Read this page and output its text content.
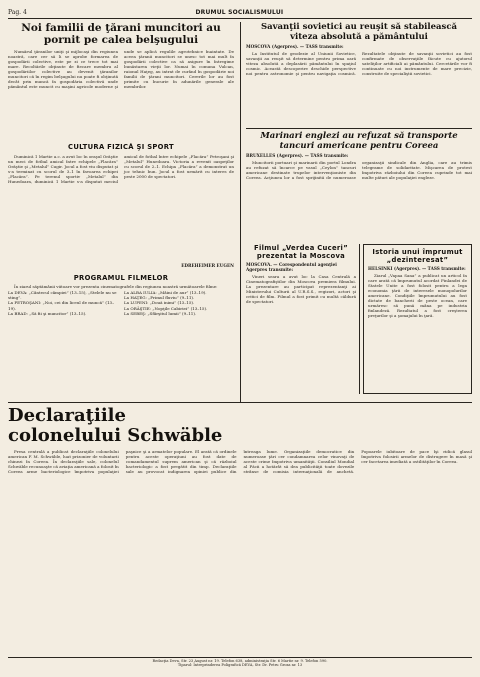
Pag. 4	DRUMUL SOCIALISMULUI
Noi familii de ţărani muncitori au pornit pe calea belşugului
Numărul ţăranilor uniţi şi mijlocaşi din regiunea noastră, care cer să li se aprobe formarea de gospodării colective, este pe zi ce trece tot mai mare. Recoltările obţinute de fiecare membru al gospodăriilor colective au devenit ţăranilor muncitori că în regim belşugului nu poate fi obţinută decât prin muncă în gospodăria colectivă unde pământul este muncit cu maşini agricole moderne şi unde se aplică regulile agrotehnice înaintate. De aceea ţăranii muncitori se unesc tot mai mult în gospodării colective ca să asigure în întregime bunăstarea vieţii lor. Numai în comuna Vulcan, raionul Haţeg, au intrat de curând în gospodărie noi familii de ţărani muncitori. Cererile lor au fost primite cu bucurie în adunările generale ale membrilor.
CULTURA FIZICĂ ŞI SPORT
Duminică 1 Martie a.c. a avut loc în oraşul Orăştie un meci de fotbal amical între echipele „Flacăra” Orăştie şi „Metalul” Cugir. Jocul a fost viu disputat şi s-a terminat cu scorul de 3–1 în favoarea echipei „Flacăra”. Pe terenul sportiv „Metalul” din Hunedoara, duminică 1 Martie s-a disputat meciul amical de fotbal între echipele „Flacăra” Petroşani şi „Metalul” Hunedoara. Victoria a revenit oaspeţilor cu scorul de 2–1. Echipa „Flacăra” a demonstrat un joc tehnic bun. Jocul a fost urmărit cu interes de peste 2000 de spectatori.
EDREHEIMER EUGEN
PROGRAMUL FILMELOR
În ziarul săptămânii viitoare vor prezenta cinematografele din regiunea noastră următoarele filme:

La DEVA: „Cântecul câmpiei” (13–15), „Stelele nu se sting”.

La PETROŞANI: „Noi, cei din liceul de muncă” (13–19).

La BRAD: „Să fii şi muncitor” (13–15).

La ALBA IULIA: „Mâini de aur” (13–19).

La HAŢEG: „Primul fluviu” (9–11).

La LUPENI: „Două inimi” (13–15).

La ORĂŞTIE: „Nopţile Cabiriei” (13–15).

La SEBEŞ: „Sfârşitul lumii” (9–11).

Savanţii sovietici au reuşit să stabilească viteza absolută a pământului
MOSCOVA (Agerpres). — TASS transmite:
La Institutul de geodezie al Uniunii Sovietice, savanţii au reuşit să determine pentru prima oară viteza absolută a deplasării pământului în spaţiul cosmic. Această descoperire deschide perspective noi pentru astronomie şi pentru navigaţia cosmică. Rezultatele obţinute de savanţii sovietici au fost confirmate de observaţiile făcute cu ajutorul sateliţilor artificiali ai pământului. Cercetările vor fi continuate cu noi instrumente de mare precizie, construite de specialiştii sovietici.
Marinari englezi au refuzat să transporte tancuri americane pentru Coreea
BRUXELLES (Agerpres). — TASS transmite:
Muncitorii portuari şi marinarii din portul Londra au refuzat să încarce pe vasul „Ceylon” tancuri americane destinate trupelor intervenţioniste din Coreea. Acţiunea lor a fost sprijinită de numeroase organizaţii sindicale din Anglia, care au trimis telegrame de solidaritate. Mişcarea de protest împotriva războiului din Coreea cuprinde tot mai multe pături ale populaţiei engleze.
Filmul „Verdea Cuceri” prezentat la Moscova
MOSCOVA. — Corespondentul agenţiei Agerpres transmite:
Vineri seara a avut loc la Casa Centrală a Cinematografiştilor din Moscova premiera filmului. La prezentare au participat reprezentanţi ai Ministerului Culturii al U.R.S.S., regizori, actori şi critici de film. Filmul a fost primit cu multă căldură de spectatori.
Istoria unui împrumut „dezinteresat”
HELSINKI (Agerpres). — TASS transmite:
Ziarul „Vapaa Sana” a publicat un articol în care arată că împrumutul acordat Finlandei de Statele Unite a fost folosit pentru a lega economia ţării de interesele monopolurilor americane. Condiţiile împrumutului au fost dictate de bancherii de peste ocean, care urmăresc să pună mâna pe industria finlandeză. Rezultatul a fost creşterea preţurilor şi a şomajului în ţară.
Declaraţiile colonelului Schwäble
Presa centrală a publicat declaraţiile colonelului american F. M. Schwäble, luat prizonier de voluntarii chinezi în Coreea. În declaraţiile sale, colonelul Schwäble recunoaşte că aviaţia americană a folosit în Coreea arme bacteriologice împotriva populaţiei paşnice şi a armatelor populare. El arată că ordinele pentru aceste operaţiuni au fost date de comandamentul suprem american şi că războiul bacteriologic a fost pregătit din timp. Declaraţiile sale au provocat indignarea opiniei publice din întreaga lume. Organizaţiile democratice din numeroase ţări cer condamnarea celor vinovaţi de aceste crime împotriva umanităţii. Consiliul Mondial al Păcii a hotărât să dea publicităţii toate dovezile strânse de comisia internaţională de anchetă. Popoarele iubitoare de pace îşi ridică glasul împotriva folosirii armelor de distrugere în masă şi cer încetarea imediată a ostilităţilor în Coreea.
Redacţia Deva, Str. 23 August nr. 19. Telefon 638, administraţia Str. 6 Martie nr. 9. Telefon 590.
Tiparul: Întreprinderea Poligrafică DEVA, Str. Dr. Petru Groza nr. 13
